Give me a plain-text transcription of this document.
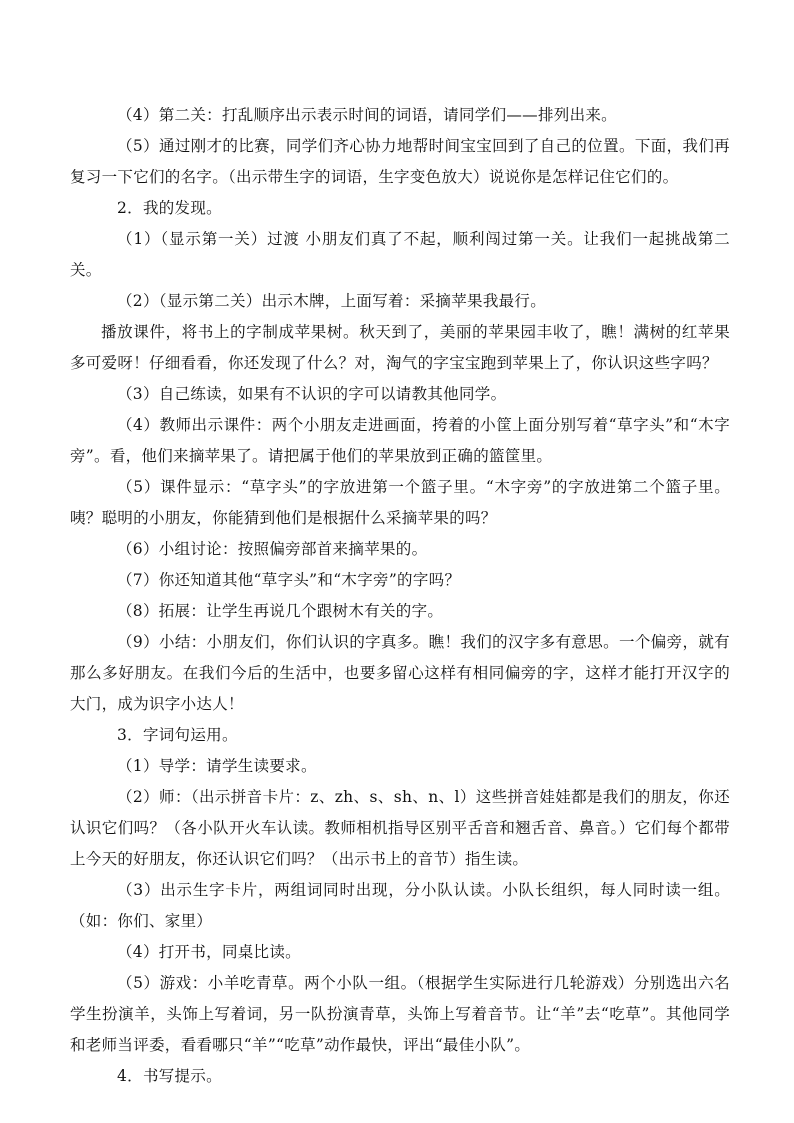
（4）第二关：打乱顺序出示表示时间的词语，请同学们——排列出来。

（5）通过刚才的比赛，同学们齐心协力地帮时间宝宝回到了自己的位置。下面，我们再复习一下它们的名字。（出示带生字的词语，生字变色放大）说说你是怎样记住它们的。

2．我的发现。

（1）（显示第一关）过渡 小朋友们真了不起，顺利闯过第一关。让我们一起挑战第二关。

（2）（显示第二关）出示木牌，上面写着：采摘苹果我最行。

播放课件，将书上的字制成苹果树。秋天到了，美丽的苹果园丰收了，瞧！满树的红苹果多可爱呀！仔细看看，你还发现了什么？对，淘气的字宝宝跑到苹果上了，你认识这些字吗？

（3）自己练读，如果有不认识的字可以请教其他同学。

（4）教师出示课件：两个小朋友走进画面，挎着的小筐上面分别写着“草字头”和“木字旁”。看，他们来摘苹果了。请把属于他们的苹果放到正确的篮筐里。

（5）课件显示：“草字头”的字放进第一个篮子里。“木字旁”的字放进第二个篮子里。咦？聪明的小朋友，你能猜到他们是根据什么采摘苹果的吗？

（6）小组讨论：按照偏旁部首来摘苹果的。

（7）你还知道其他“草字头”和“木字旁”的字吗？

（8）拓展：让学生再说几个跟树木有关的字。

（9）小结：小朋友们，你们认识的字真多。瞧！我们的汉字多有意思。一个偏旁，就有那么多好朋友。在我们今后的生活中，也要多留心这样有相同偏旁的字，这样才能打开汉字的大门，成为识字小达人！

3．字词句运用。

（1）导学：请学生读要求。

（2）师：（出示拼音卡片：z、zh、s、sh、n、l）这些拼音娃娃都是我们的朋友，你还认识它们吗？（各小队开火车认读。教师相机指导区别平舌音和翘舌音、鼻音。）它们每个都带上今天的好朋友，你还认识它们吗？（出示书上的音节）指生读。

（3）出示生字卡片，两组词同时出现，分小队认读。小队长组织，每人同时读一组。（如：你们、家里）

（4）打开书，同桌比读。

（5）游戏：小羊吃青草。两个小队一组。（根据学生实际进行几轮游戏）分别选出六名学生扮演羊，头饰上写着词，另一队扮演青草，头饰上写着音节。让“羊”去“吃草”。其他同学和老师当评委，看看哪只“羊”“吃草”动作最快，评出“最佳小队”。

4．书写提示。
